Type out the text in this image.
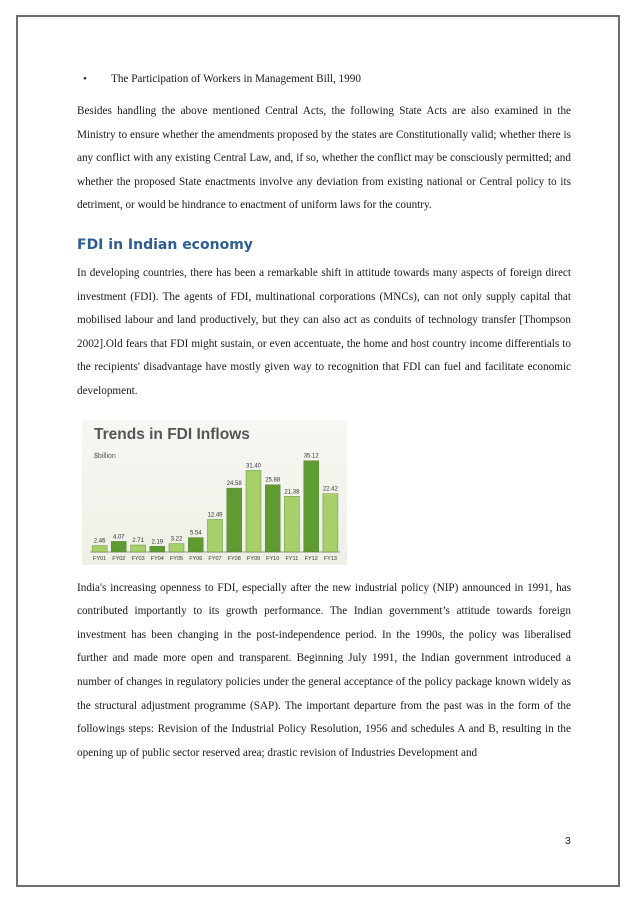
•	The Participation of Workers in Management Bill, 1990

Besides handling the above mentioned Central Acts, the following State Acts are also examined in the Ministry to ensure whether the amendments proposed by the states are Constitutionally valid; whether there is any conflict with any existing Central Law, and, if so, whether the conflict may be consciously permitted; and whether the proposed State enactments involve any deviation from existing national or Central policy to its detriment, or would be hindrance to enactment of uniform laws for the country.

FDI in Indian economy

In developing countries, there has been a remarkable shift in attitude towards many aspects of foreign direct investment (FDI). The agents of FDI, multinational corporations (MNCs), can not only supply capital that mobilised labour and land productively, but they can also act as conduits of technology transfer [Thompson 2002].Old fears that FDI might sustain, or even accentuate, the home and host country income differentials to the recipients' disadvantage have mostly given way to recognition that FDI can fuel and facilitate economic development.

Trends in FDI Inflows
$billion
2.46
FY01
4.07
FY02
2.71
FY03
2.19
FY04
3.22
FY05
5.54
FY06
12.49
FY07
24.58
FY08
31.40
FY09
25.88
FY10
21.38
FY11
35.12
FY12
22.42
FY13

India's increasing openness to FDI, especially after the new industrial policy (NIP) announced in 1991, has contributed importantly to its growth performance. The Indian government’s attitude towards foreign investment has been changing in the post-independence period. In the 1990s, the policy was liberalised further and made more open and transparent. Beginning July 1991, the Indian government introduced a number of changes in regulatory policies under the general acceptance of the policy package known widely as the structural adjustment programme (SAP). The important departure from the past was in the form of the followings steps: Revision of the Industrial Policy Resolution, 1956 and schedules A and B, resulting in the opening up of public sector reserved area; drastic revision of Industries Development and

3
